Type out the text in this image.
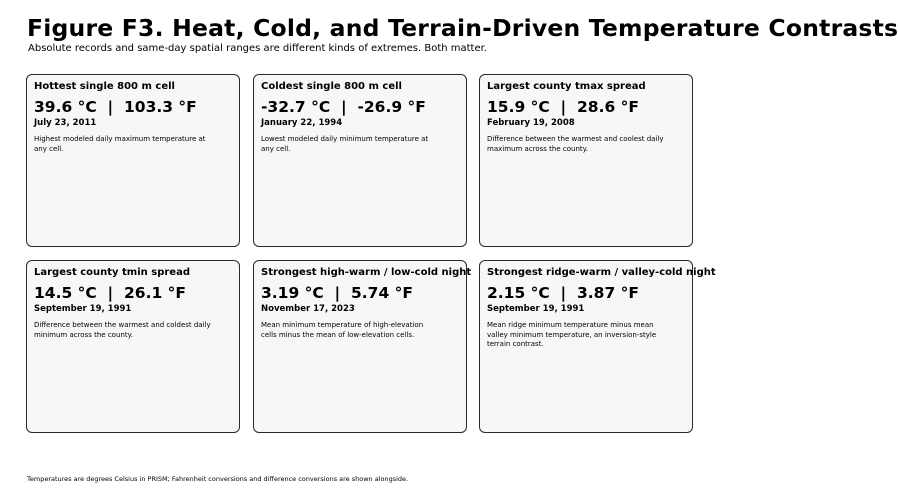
Figure F3. Heat, Cold, and Terrain-Driven Temperature Contrasts
Absolute records and same-day spatial ranges are different kinds of extremes. Both matter.
Hottest single 800 m cell
39.6 °C  |  103.3 °F
July 23, 2011
Highest modeled daily maximum temperature at any cell.
Coldest single 800 m cell
-32.7 °C  |  -26.9 °F
January 22, 1994
Lowest modeled daily minimum temperature at any cell.
Largest county tmax spread
15.9 °C  |  28.6 °F
February 19, 2008
Difference between the warmest and coolest daily maximum across the county.
Largest county tmin spread
14.5 °C  |  26.1 °F
September 19, 1991
Difference between the warmest and coldest daily minimum across the county.
Strongest high-warm / low-cold night
3.19 °C  |  5.74 °F
November 17, 2023
Mean minimum temperature of high-elevation cells minus the mean of low-elevation cells.
Strongest ridge-warm / valley-cold night
2.15 °C  |  3.87 °F
September 19, 1991
Mean ridge minimum temperature minus mean valley minimum temperature, an inversion-style terrain contrast.
Temperatures are degrees Celsius in PRISM; Fahrenheit conversions and difference conversions are shown alongside.
